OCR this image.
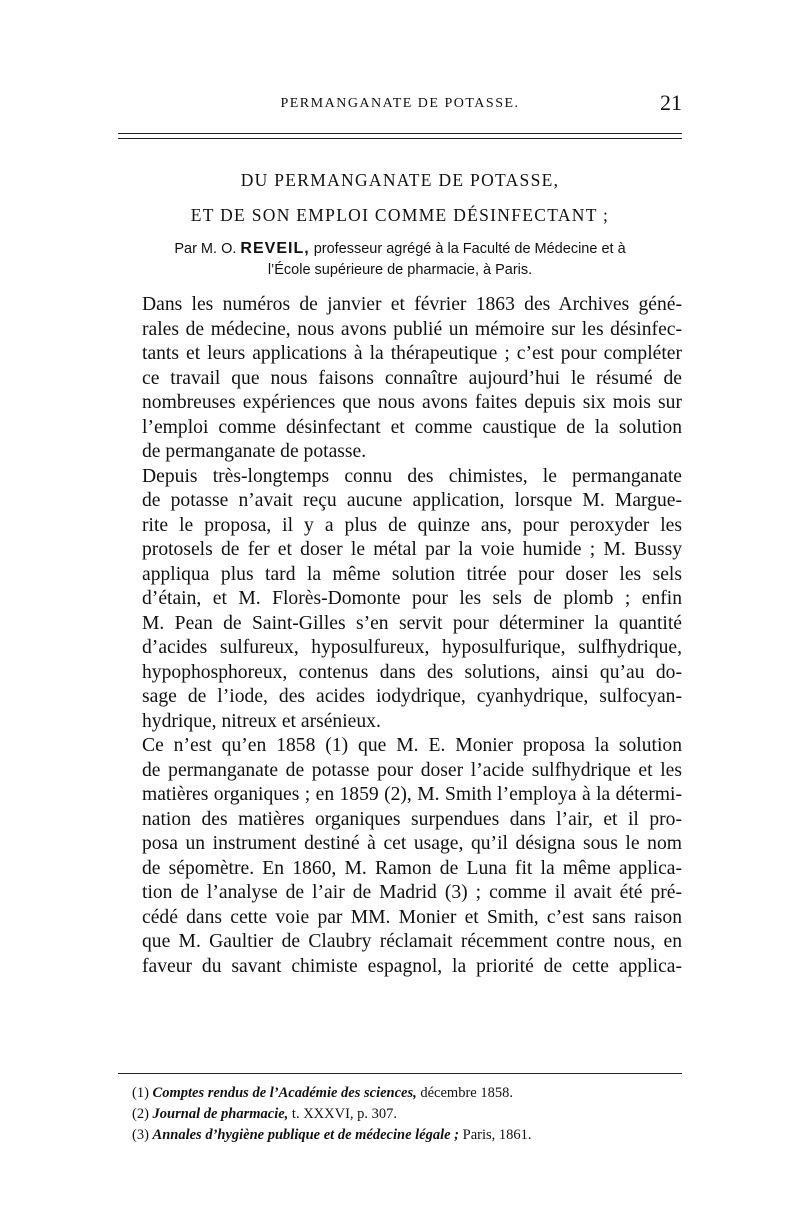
PERMANGANATE DE POTASSE.	21
DU PERMANGANATE DE POTASSE,
ET DE SON EMPLOI COMME DÉSINFECTANT ;
Par M. O. REVEIL, professeur agrégé à la Faculté de Médecine et à
l’École supérieure de pharmacie, à Paris.

Dans les numéros de janvier et février 1863 des Archives géné-
rales de médecine, nous avons publié un mémoire sur les désinfec-
tants et leurs applications à la thérapeutique ; c’est pour compléter
ce travail que nous faisons connaître aujourd’hui le résumé de
nombreuses expériences que nous avons faites depuis six mois sur
l’emploi comme désinfectant et comme caustique de la solution
de permanganate de potasse.

Depuis très-longtemps connu des chimistes, le permanganate
de potasse n’avait reçu aucune application, lorsque M. Margue-
rite le proposa, il y a plus de quinze ans, pour peroxyder les
protosels de fer et doser le métal par la voie humide ; M. Bussy
appliqua plus tard la même solution titrée pour doser les sels
d’étain, et M. Florès-Domonte pour les sels de plomb ; enfin
M. Pean de Saint-Gilles s’en servit pour déterminer la quantité
d’acides sulfureux, hyposulfureux, hyposulfurique, sulfhydrique,
hypophosphoreux, contenus dans des solutions, ainsi qu’au do-
sage de l’iode, des acides iodydrique, cyanhydrique, sulfocyan-
hydrique, nitreux et arsénieux.

Ce n’est qu’en 1858 (1) que M. E. Monier proposa la solution
de permanganate de potasse pour doser l’acide sulfhydrique et les
matières organiques ; en 1859 (2), M. Smith l’employa à la détermi-
nation des matières organiques surpendues dans l’air, et il pro-
posa un instrument destiné à cet usage, qu’il désigna sous le nom
de sépomètre. En 1860, M. Ramon de Luna fit la même applica-
tion de l’analyse de l’air de Madrid (3) ; comme il avait été pré-
cédé dans cette voie par MM. Monier et Smith, c’est sans raison
que M. Gaultier de Claubry réclamait récemment contre nous, en
faveur du savant chimiste espagnol, la priorité de cette applica-

(1) Comptes rendus de l’Académie des sciences, décembre 1858.
(2) Journal de pharmacie, t. XXXVI, p. 307.
(3) Annales d’hygiène publique et de médecine légale ; Paris, 1861.
